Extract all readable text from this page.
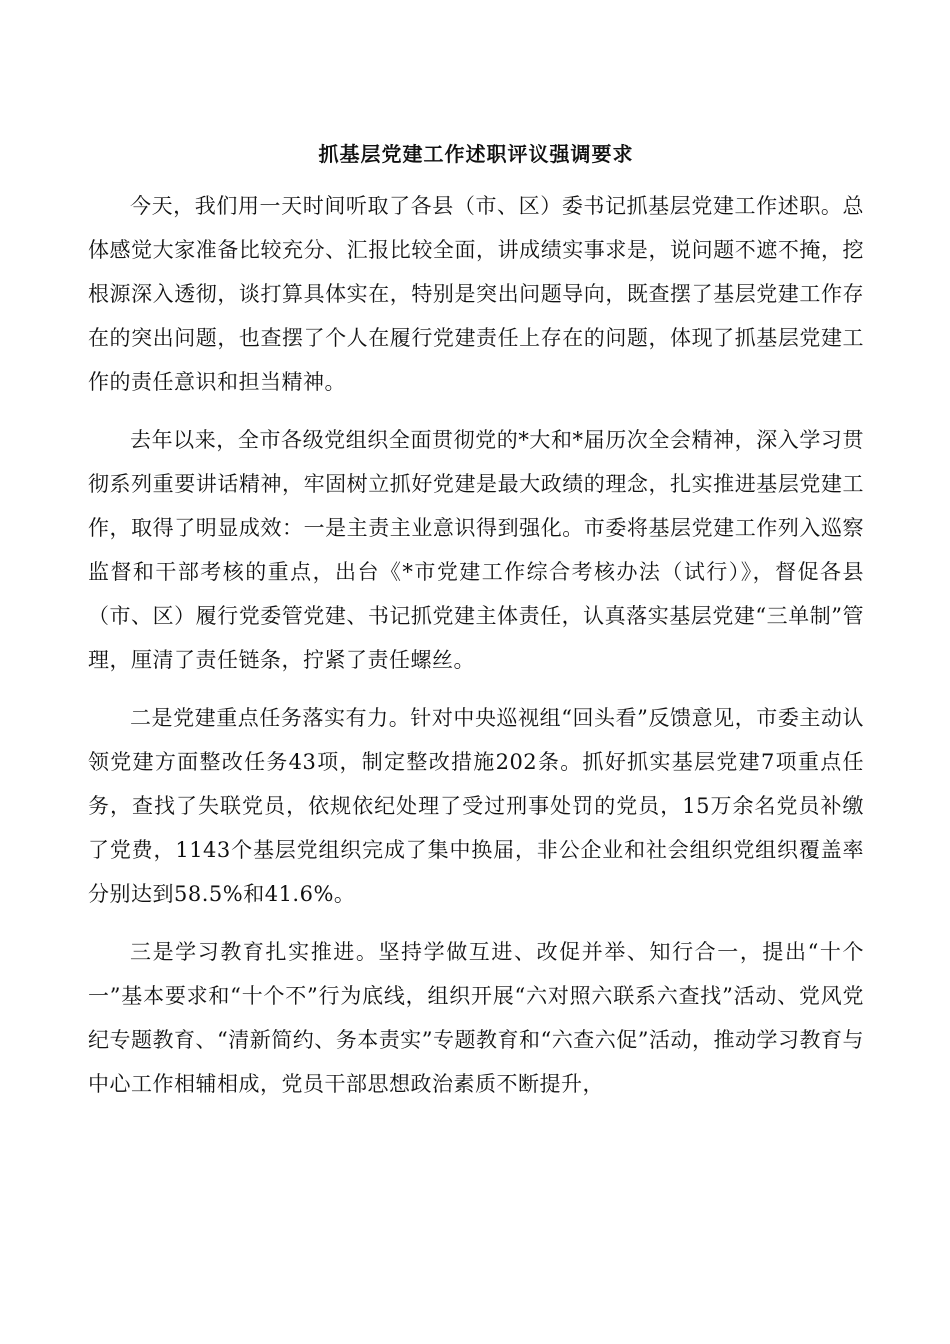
抓基层党建工作述职评议强调要求

今天，我们用一天时间听取了各县（市、区）委书记抓基层党建工作述职。总体感觉大家准备比较充分、汇报比较全面，讲成绩实事求是，说问题不遮不掩，挖根源深入透彻，谈打算具体实在，特别是突出问题导向，既查摆了基层党建工作存在的突出问题，也查摆了个人在履行党建责任上存在的问题，体现了抓基层党建工作的责任意识和担当精神。

去年以来，全市各级党组织全面贯彻党的*大和*届历次全会精神，深入学习贯彻系列重要讲话精神，牢固树立抓好党建是最大政绩的理念，扎实推进基层党建工作，取得了明显成效：一是主责主业意识得到强化。市委将基层党建工作列入巡察监督和干部考核的重点，出台《*市党建工作综合考核办法（试行）》，督促各县（市、区）履行党委管党建、书记抓党建主体责任，认真落实基层党建“三单制”管理，厘清了责任链条，拧紧了责任螺丝。

二是党建重点任务落实有力。针对中央巡视组“回头看”反馈意见，市委主动认领党建方面整改任务43项，制定整改措施202条。抓好抓实基层党建7项重点任务，查找了失联党员，依规依纪处理了受过刑事处罚的党员，15万余名党员补缴了党费，1143个基层党组织完成了集中换届，非公企业和社会组织党组织覆盖率分别达到58.5%和41.6%。

三是学习教育扎实推进。坚持学做互进、改促并举、知行合一，提出“十个一”基本要求和“十个不”行为底线，组织开展“六对照六联系六查找”活动、党风党纪专题教育、“清新简约、务本责实”专题教育和“六查六促”活动，推动学习教育与中心工作相辅相成，党员干部思想政治素质不断提升，
